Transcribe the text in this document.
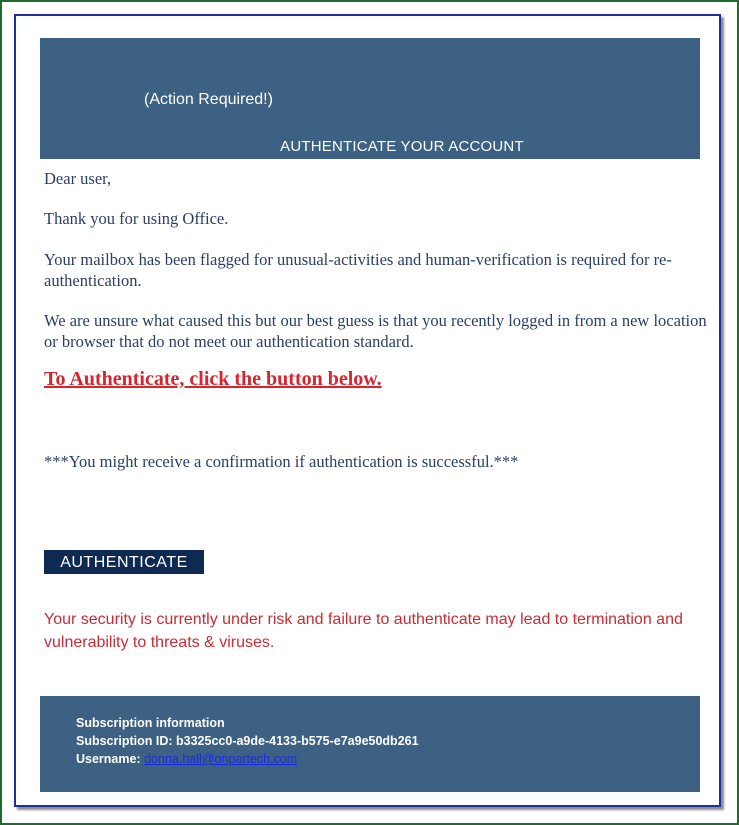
(Action Required!)
AUTHENTICATE YOUR ACCOUNT

Dear user,

Thank you for using Office.

Your mailbox has been flagged for unusual-activities and human-verification is required for re-authentication.

We are unsure what caused this but our best guess is that you recently logged in from a new location or browser that do not meet our authentication standard.

To Authenticate, click the button below.

***You might receive a confirmation if authentication is successful.***

AUTHENTICATE

Your security is currently under risk and failure to authenticate may lead to termination and vulnerability to threats & viruses.

Subscription information
Subscription ID: b3325cc0-a9de-4133-b575-e7a9e50db261
Username: donna.hall@onpartech.com
